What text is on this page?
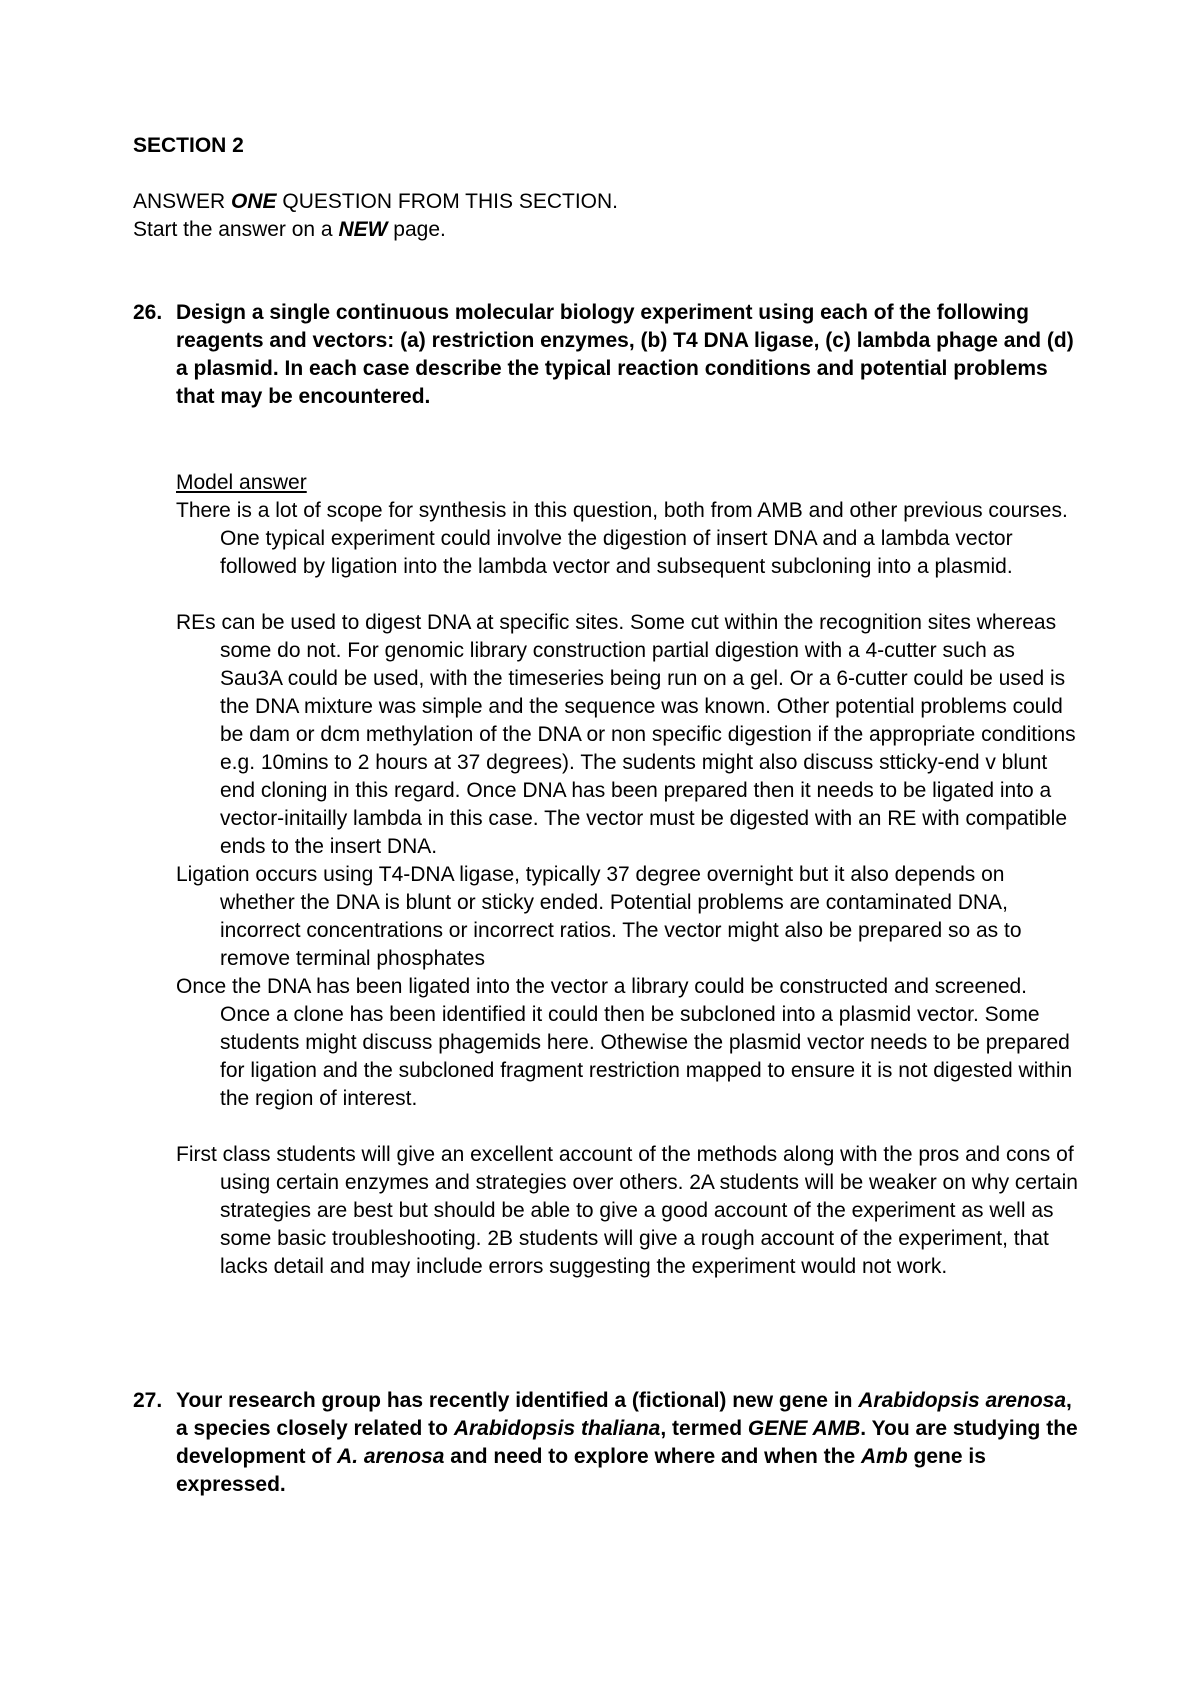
SECTION 2
ANSWER ONE QUESTION FROM THIS SECTION.
Start the answer on a NEW page.
26. Design a single continuous molecular biology experiment using each of the following reagents and vectors: (a) restriction enzymes, (b) T4 DNA ligase, (c) lambda phage and (d) a plasmid. In each case describe the typical reaction conditions and potential problems that may be encountered.
Model answer

There is a lot of scope for synthesis in this question, both from AMB and other previous courses. One typical experiment could involve the digestion of insert DNA and a lambda vector followed by ligation into the lambda vector and subsequent subcloning into a plasmid.

REs can be used to digest DNA at specific sites. Some cut within the recognition sites whereas some do not. For genomic library construction partial digestion with a 4-cutter such as Sau3A could be used, with the timeseries being run on a gel. Or a 6-cutter could be used is the DNA mixture was simple and the sequence was known. Other potential problems could be dam or dcm methylation of the DNA or non specific digestion if the appropriate conditions e.g. 10mins to 2 hours at 37 degrees). The sudents might also discuss stticky-end v blunt end cloning in this regard. Once DNA has been prepared then it needs to be ligated into a vector-initailly lambda in this case. The vector must be digested with an RE with compatible ends to the insert DNA.

Ligation occurs using T4-DNA ligase, typically 37 degree overnight but it also depends on whether the DNA is blunt or sticky ended. Potential problems are contaminated DNA, incorrect concentrations or incorrect ratios. The vector might also be prepared so as to remove terminal phosphates

Once the DNA has been ligated into the vector a library could be constructed and screened. Once a clone has been identified it could then be subcloned into a plasmid vector. Some students might discuss phagemids here. Othewise the plasmid vector needs to be prepared for ligation and the subcloned fragment restriction mapped to ensure it is not digested within the region of interest.

First class students will give an excellent account of the methods along with the pros and cons of using certain enzymes and strategies over others. 2A students will be weaker on why certain strategies are best but should be able to give a good account of the experiment as well as some basic troubleshooting. 2B students will give a rough account of the experiment, that lacks detail and may include errors suggesting the experiment would not work.

27. Your research group has recently identified a (fictional) new gene in Arabidopsis arenosa, a species closely related to Arabidopsis thaliana, termed GENE AMB. You are studying the development of A. arenosa and need to explore where and when the Amb gene is expressed.
